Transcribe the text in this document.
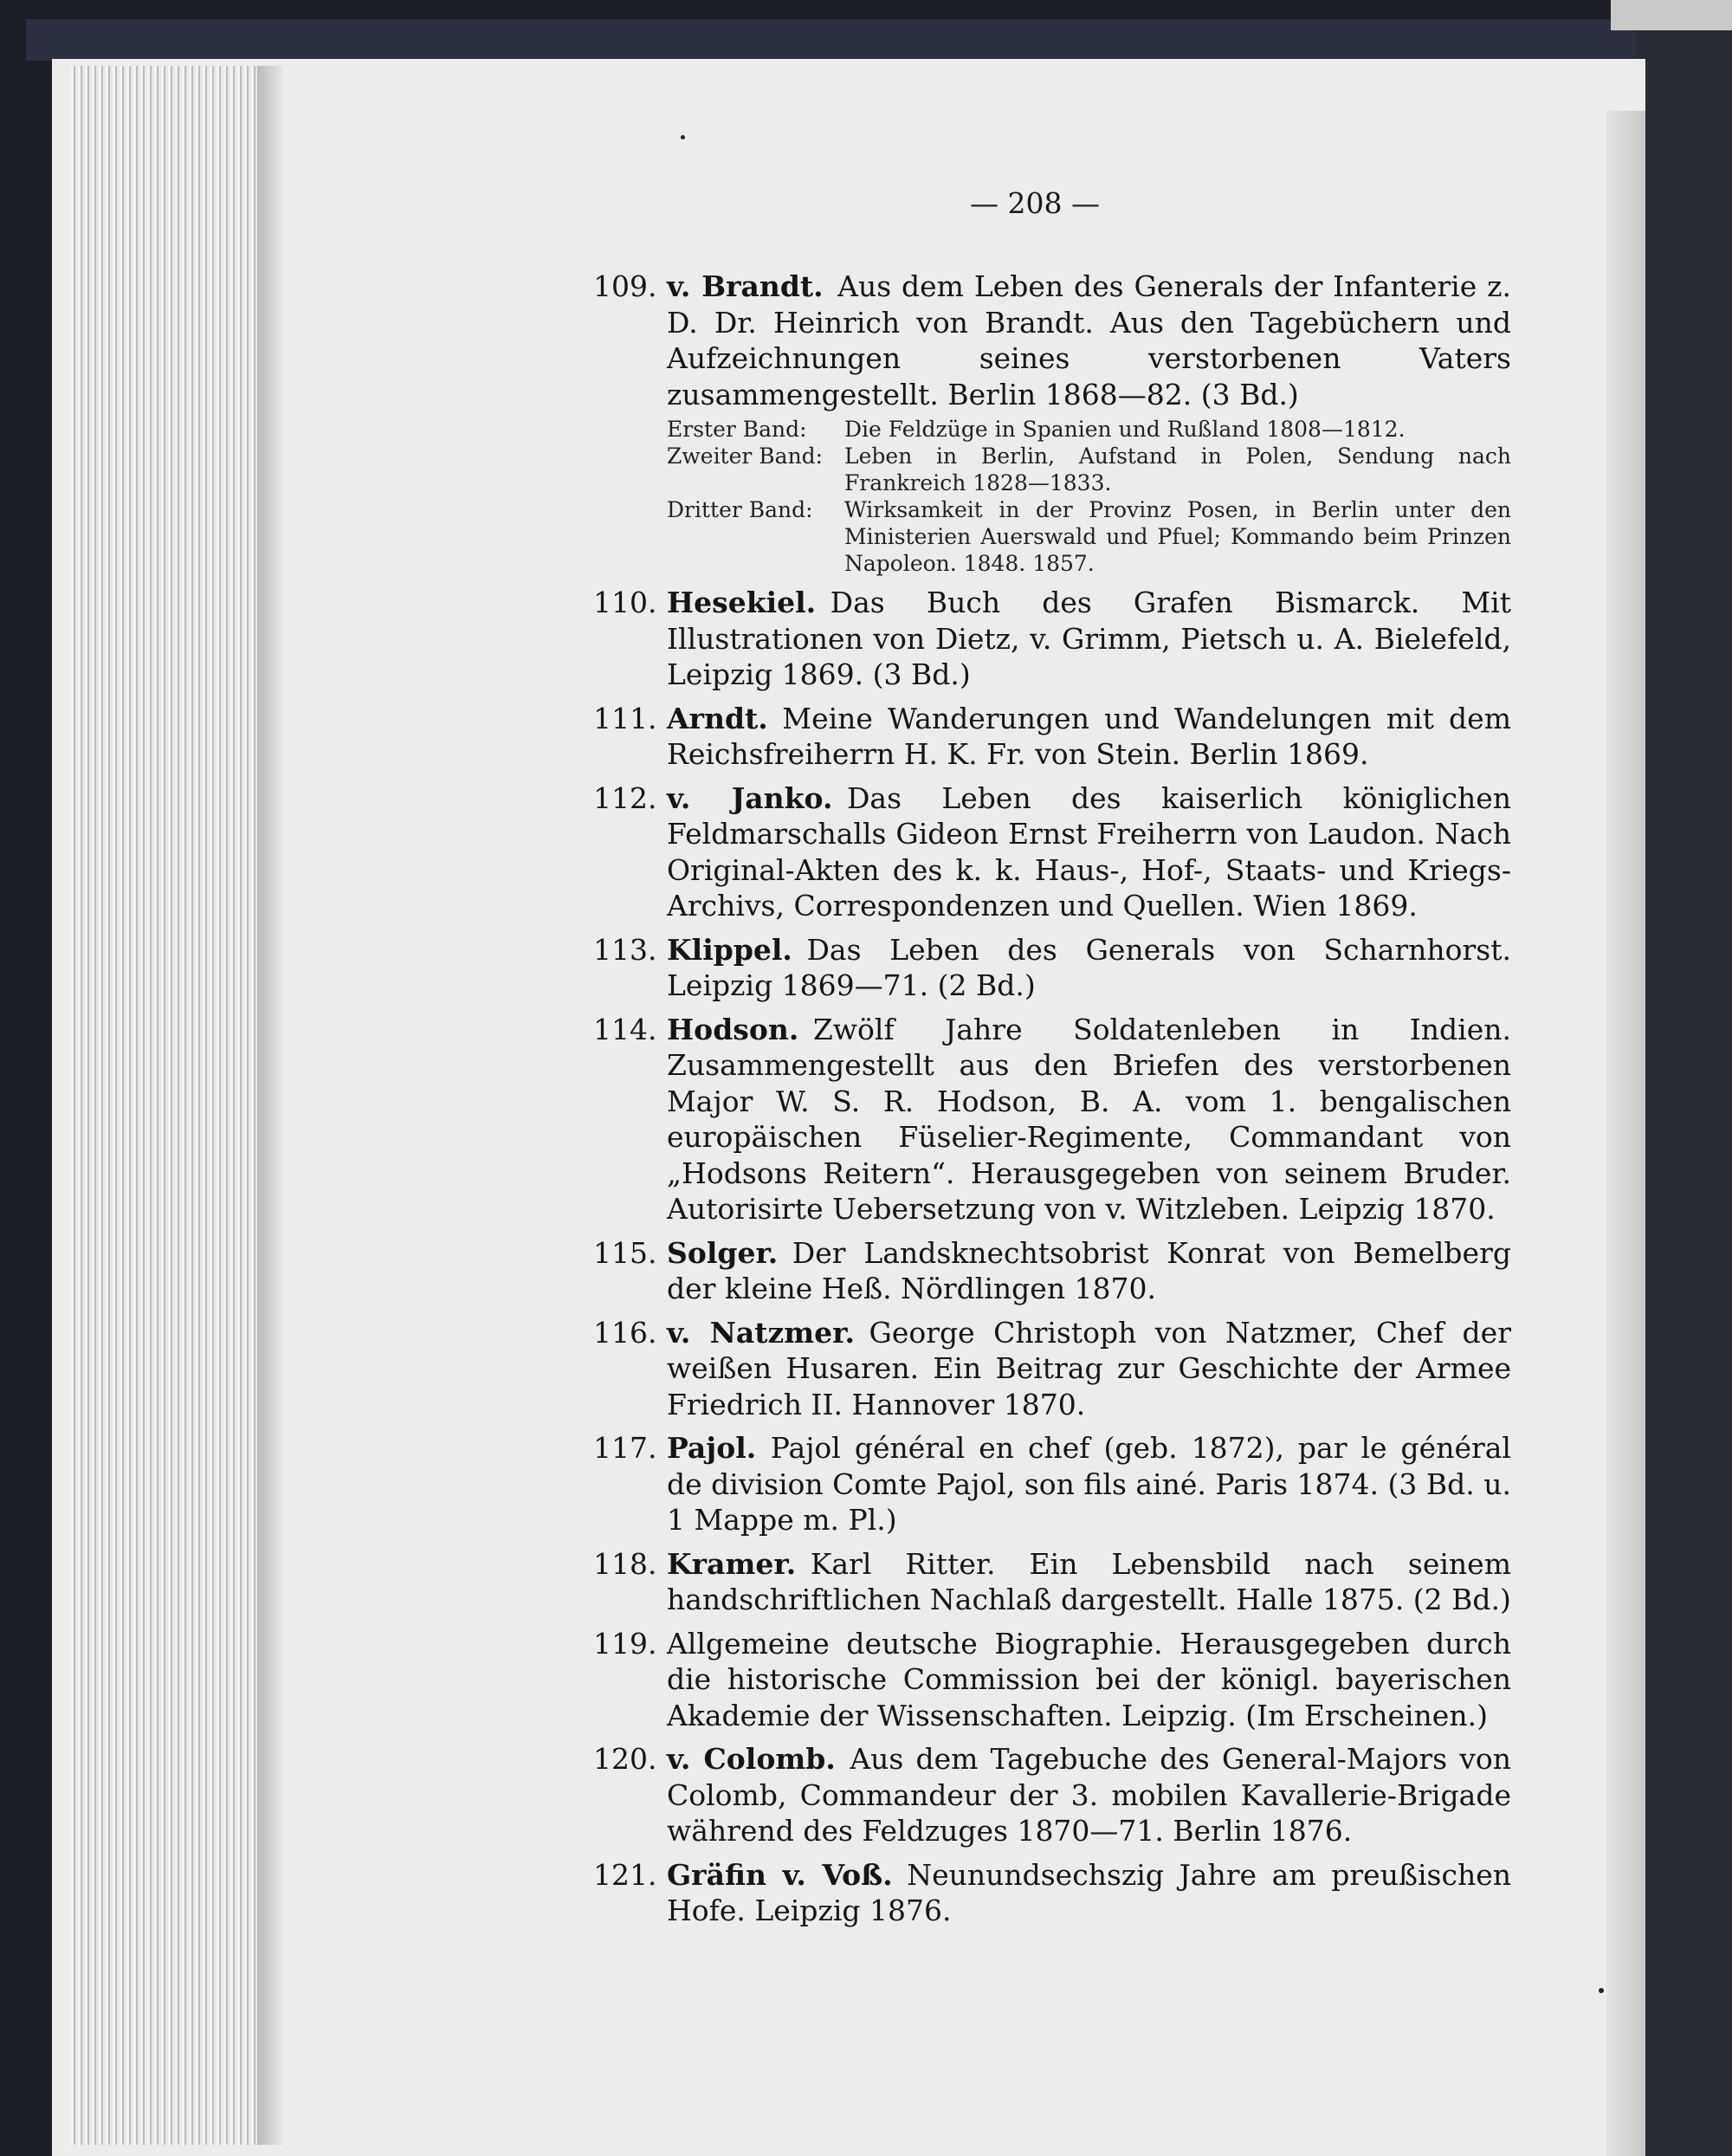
— 208 —
109. v. Brandt.  Aus dem Leben des Generals der Infanterie z. D. Dr. Heinrich von Brandt. Aus den Tagebüchern und Aufzeichnungen seines verstorbenen Vaters zusammengestellt. Berlin 1868—82. (3 Bd.)
Erster Band: Die Feldzüge in Spanien und Rußland 1808—1812.
Zweiter Band: Leben in Berlin, Aufstand in Polen, Sendung nach Frankreich 1828—1833.
Dritter Band: Wirksamkeit in der Provinz Posen, in Berlin unter den Ministerien Auerswald und Pfuel; Kommando beim Prinzen Napoleon. 1848. 1857.
110. Hesekiel.  Das Buch des Grafen Bismarck. Mit Illustrationen von Dietz, v. Grimm, Pietsch u. A. Bielefeld, Leipzig 1869. (3 Bd.)
111. Arndt.  Meine Wanderungen und Wandelungen mit dem Reichsfreiherrn H. K. Fr. von Stein. Berlin 1869.
112. v. Janko.  Das Leben des kaiserlich königlichen Feldmarschalls Gideon Ernst Freiherrn von Laudon. Nach Original-Akten des k. k. Haus-, Hof-, Staats- und Kriegs-Archivs, Correspondenzen und Quellen. Wien 1869.
113. Klippel.  Das Leben des Generals von Scharnhorst. Leipzig 1869—71. (2 Bd.)
114. Hodson.  Zwölf Jahre Soldatenleben in Indien. Zusammengestellt aus den Briefen des verstorbenen Major W. S. R. Hodson, B. A. vom 1. bengalischen europäischen Füselier-Regimente, Commandant von „Hodsons Reitern“. Herausgegeben von seinem Bruder. Autorisirte Uebersetzung von v. Witzleben. Leipzig 1870.
115. Solger.  Der Landsknechtsobrist Konrat von Bemelberg der kleine Heß. Nördlingen 1870.
116. v. Natzmer.  George Christoph von Natzmer, Chef der weißen Husaren. Ein Beitrag zur Geschichte der Armee Friedrich II. Hannover 1870.
117. Pajol.  Pajol général en chef (geb. 1872), par le général de division Comte Pajol, son fils ainé. Paris 1874. (3 Bd. u. 1 Mappe m. Pl.)
118. Kramer.  Karl Ritter. Ein Lebensbild nach seinem handschriftlichen Nachlaß dargestellt. Halle 1875. (2 Bd.)
119. Allgemeine deutsche Biographie. Herausgegeben durch die historische Commission bei der königl. bayerischen Akademie der Wissenschaften. Leipzig. (Im Erscheinen.)
120. v. Colomb.  Aus dem Tagebuche des General-Majors von Colomb, Commandeur der 3. mobilen Kavallerie-Brigade während des Feldzuges 1870—71. Berlin 1876.
121. Gräfin v. Voß.  Neunundsechszig Jahre am preußischen Hofe. Leipzig 1876.
